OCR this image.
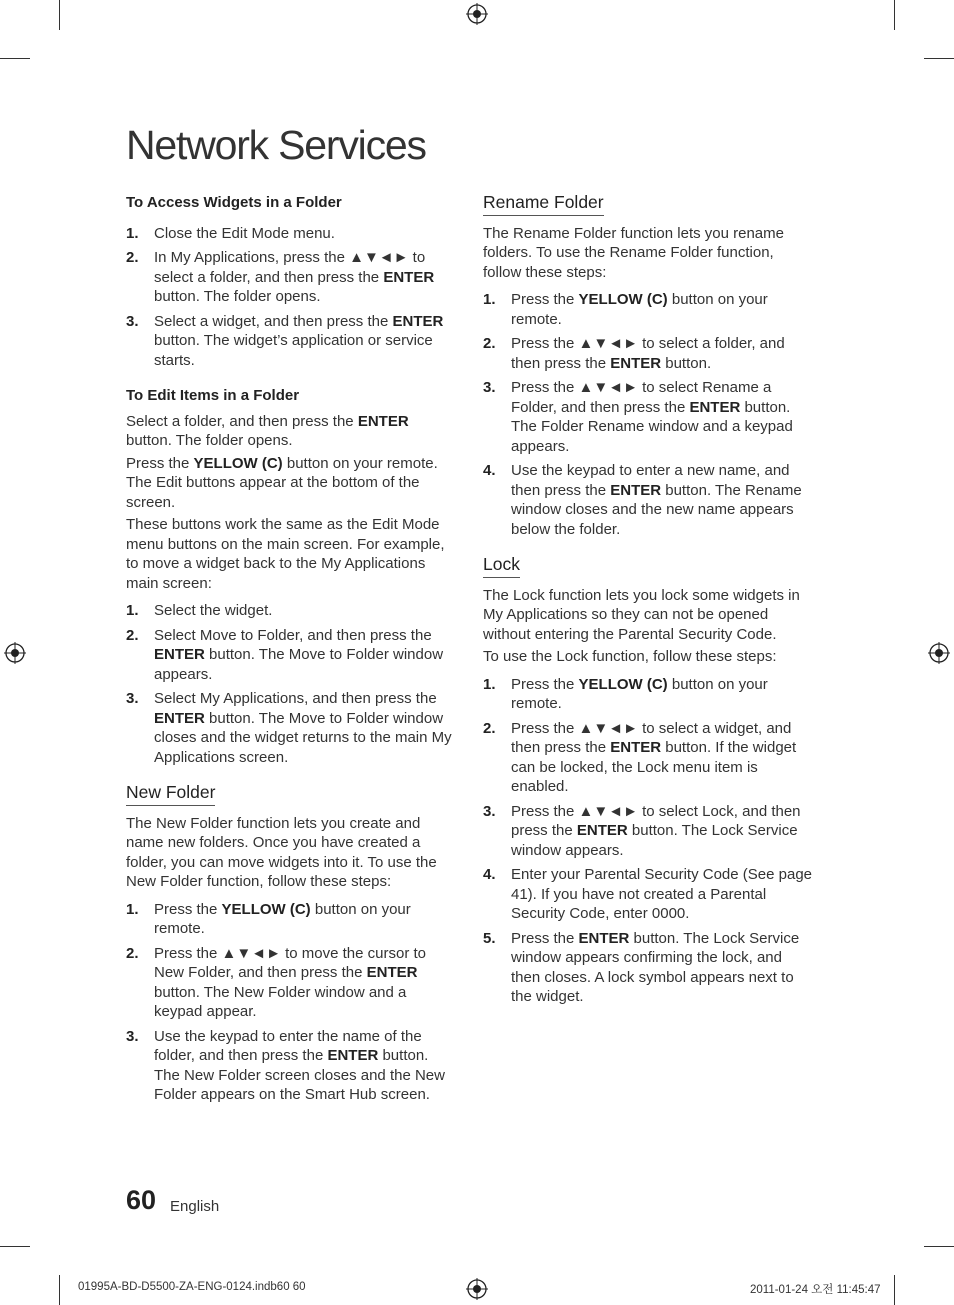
Network Services
To Access Widgets in a Folder
1.	Close the Edit Mode menu.
2.	In My Applications, press the ▲▼◄► to select a folder, and then press the ENTER button. The folder opens.
3.	Select a widget, and then press the ENTER button. The widget’s application or service starts.
To Edit Items in a Folder

Select a folder, and then press the ENTER button. The folder opens.

Press the YELLOW (C) button on your remote. The Edit buttons appear at the bottom of the screen.

These buttons work the same as the Edit Mode menu buttons on the main screen. For example, to move a widget back to the My Applications main screen:

1.	Select the widget.
2.	Select Move to Folder, and then press the ENTER button. The Move to Folder window appears.
3.	Select My Applications, and then press the ENTER button. The Move to Folder window closes and the widget returns to the main My Applications screen.
New Folder

The New Folder function lets you create and name new folders. Once you have created a folder, you can move widgets into it. To use the New Folder function, follow these steps:

1.	Press the YELLOW (C) button on your remote.
2.	Press the ▲▼◄► to move the cursor to New Folder, and then press the ENTER button. The New Folder window and a keypad appear.
3.	Use the keypad to enter the name of the folder, and then press the ENTER button. The New Folder screen closes and the New Folder appears on the Smart Hub screen.
Rename Folder

The Rename Folder function lets you rename folders. To use the Rename Folder function, follow these steps:

1.	Press the YELLOW (C) button on your remote.
2.	Press the ▲▼◄► to select a folder, and then press the ENTER button.
3.	Press the ▲▼◄► to select Rename a Folder, and then press the ENTER button. The Folder Rename window and a keypad appears.
4.	Use the keypad to enter a new name, and then press the ENTER button. The Rename window closes and the new name appears below the folder.
Lock

The Lock function lets you lock some widgets in My Applications so they can not be opened without entering the Parental Security Code.

To use the Lock function, follow these steps:

1.	Press the YELLOW (C) button on your remote.
2.	Press the ▲▼◄► to select a widget, and then press the ENTER button. If the widget can be locked, the Lock menu item is enabled.
3.	Press the ▲▼◄► to select Lock, and then press the ENTER button. The Lock Service window appears.
4.	Enter your Parental Security Code (See page 41). If you have not created a Parental Security Code, enter 0000.
5.	Press the ENTER button. The Lock Service window appears confirming the lock, and then closes. A lock symbol appears next to the widget.
60 English
01995A-BD-D5500-ZA-ENG-0124.indb60 60	2011-01-24 오전 11:45:47
